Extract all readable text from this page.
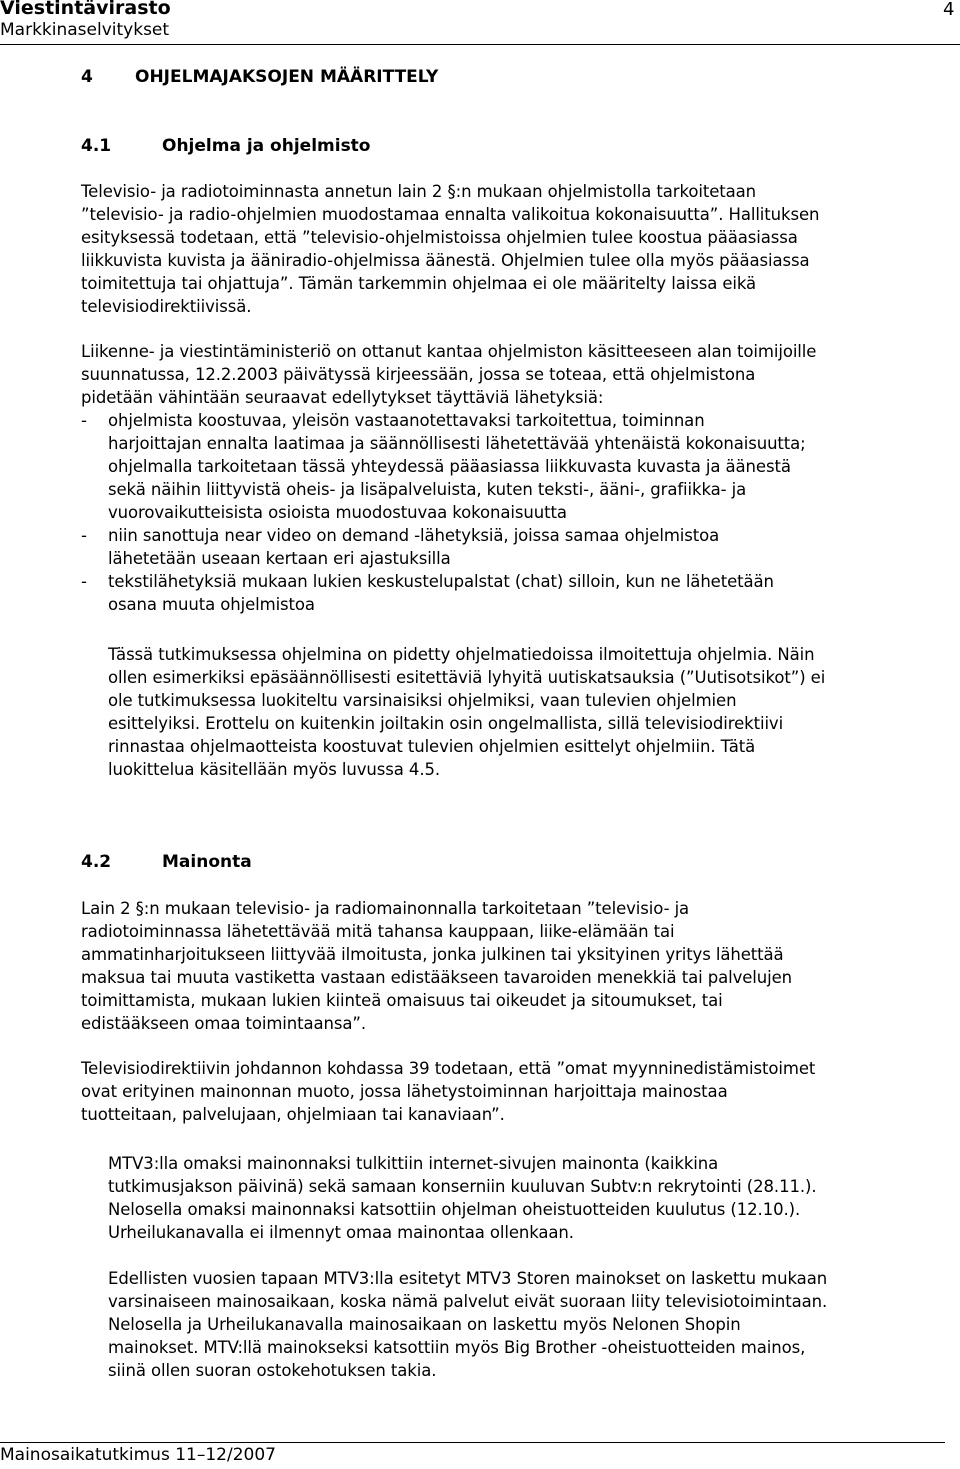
Viestintävirasto
Markkinaselvitykset
4
4 OHJELMAJAKSOJEN MÄÄRITTELY
4.1	Ohjelma ja ohjelmisto
Televisio- ja radiotoiminnasta annetun lain 2 §:n mukaan ohjelmistolla tarkoitetaan
”televisio- ja radio-ohjelmien muodostamaa ennalta valikoitua kokonaisuutta”. Hallituksen
esityksessä todetaan, että ”televisio-ohjelmistoissa ohjelmien tulee koostua pääasiassa
liikkuvista kuvista ja ääniradio-ohjelmissa äänestä. Ohjelmien tulee olla myös pääasiassa
toimitettuja tai ohjattuja”. Tämän tarkemmin ohjelmaa ei ole määritelty laissa eikä
televisiodirektiivissä.
Liikenne- ja viestintäministeriö on ottanut kantaa ohjelmiston käsitteeseen alan toimijoille
suunnatussa, 12.2.2003 päivätyssä kirjeessään, jossa se toteaa, että ohjelmistona
pidetään vähintään seuraavat edellytykset täyttäviä lähetyksiä:
- ohjelmista koostuvaa, yleisön vastaanotettavaksi tarkoitettua, toiminnan
harjoittajan ennalta laatimaa ja säännöllisesti lähetettävää yhtenäistä kokonaisuutta;
ohjelmalla tarkoitetaan tässä yhteydessä pääasiassa liikkuvasta kuvasta ja äänestä
sekä näihin liittyvistä oheis- ja lisäpalveluista, kuten teksti-, ääni-, grafiikka- ja
vuorovaikutteisista osioista muodostuvaa kokonaisuutta
- niin sanottuja near video on demand -lähetyksiä, joissa samaa ohjelmistoa
lähetetään useaan kertaan eri ajastuksilla
- tekstilähetyksiä mukaan lukien keskustelupalstat (chat) silloin, kun ne lähetetään
osana muuta ohjelmistoa
Tässä tutkimuksessa ohjelmina on pidetty ohjelmatiedoissa ilmoitettuja ohjelmia. Näin
ollen esimerkiksi epäsäännöllisesti esitettäviä lyhyitä uutiskatsauksia (”Uutisotsikot”) ei
ole tutkimuksessa luokiteltu varsinaisiksi ohjelmiksi, vaan tulevien ohjelmien
esittelyiksi. Erottelu on kuitenkin joiltakin osin ongelmallista, sillä televisiodirektiivi
rinnastaa ohjelmaotteista koostuvat tulevien ohjelmien esittelyt ohjelmiin. Tätä
luokittelua käsitellään myös luvussa 4.5.
4.2	Mainonta
Lain 2 §:n mukaan televisio- ja radiomainonnalla tarkoitetaan ”televisio- ja
radiotoiminnassa lähetettävää mitä tahansa kauppaan, liike-elämään tai
ammatinharjoitukseen liittyvää ilmoitusta, jonka julkinen tai yksityinen yritys lähettää
maksua tai muuta vastiketta vastaan edistääkseen tavaroiden menekkiä tai palvelujen
toimittamista, mukaan lukien kiinteä omaisuus tai oikeudet ja sitoumukset, tai
edistääkseen omaa toimintaansa”.
Televisiodirektiivin johdannon kohdassa 39 todetaan, että ”omat myynninedistämistoimet
ovat erityinen mainonnan muoto, jossa lähetystoiminnan harjoittaja mainostaa
tuotteitaan, palvelujaan, ohjelmiaan tai kanaviaan”.
MTV3:lla omaksi mainonnaksi tulkittiin internet-sivujen mainonta (kaikkina
tutkimusjakson päivinä) sekä samaan konserniin kuuluvan Subtv:n rekrytointi (28.11.).
Nelosella omaksi mainonnaksi katsottiin ohjelman oheistuotteiden kuulutus (12.10.).
Urheilukanavalla ei ilmennyt omaa mainontaa ollenkaan.
Edellisten vuosien tapaan MTV3:lla esitetyt MTV3 Storen mainokset on laskettu mukaan
varsinaiseen mainosaikaan, koska nämä palvelut eivät suoraan liity televisiotoimintaan.
Nelosella ja Urheilukanavalla mainosaikaan on laskettu myös Nelonen Shopin
mainokset. MTV:llä mainokseksi katsottiin myös Big Brother -oheistuotteiden mainos,
siinä ollen suoran ostokehotuksen takia.
Mainosaikatutkimus 11–12/2007
